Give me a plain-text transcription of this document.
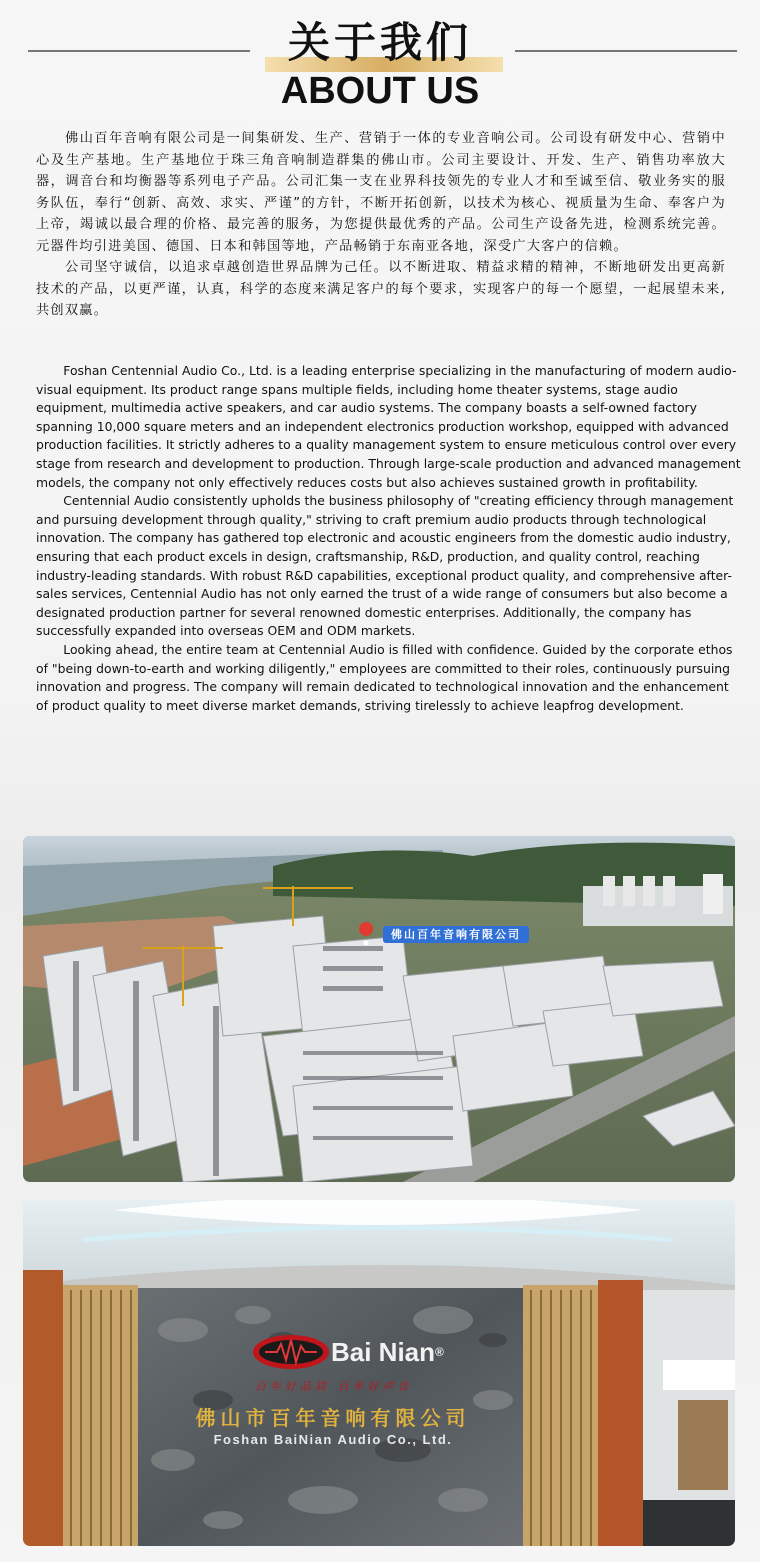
关于我们
ABOUT US

佛山百年音响有限公司是一间集研发、生产、营销于一体的专业音响公司。公司设有研发中心、营销中心及生产基地。生产基地位于珠三角音响制造群集的佛山市。公司主要设计、开发、生产、销售功率放大器，调音台和均衡器等系列电子产品。公司汇集一支在业界科技领先的专业人才和至诚至信、敬业务实的服务队伍，奉行“创新、高效、求实、严谨”的方针，不断开拓创新，以技术为核心、视质量为生命、奉客户为上帝，竭诚以最合理的价格、最完善的服务，为您提供最优秀的产品。公司生产设备先进，检测系统完善。元器件均引进美国、德国、日本和韩国等地，产品畅销于东南亚各地，深受广大客户的信赖。

公司坚守诚信，以追求卓越创造世界品牌为己任。以不断进取、精益求精的精神，不断地研发出更高新技术的产品，以更严谨，认真，科学的态度来满足客户的每个要求，实现客户的每一个愿望，一起展望未来,共创双赢。

Foshan Centennial Audio Co., Ltd. is a leading enterprise specializing in the manufacturing of modern audio-visual equipment. Its product range spans multiple fields, including home theater systems, stage audio equipment, multimedia active speakers, and car audio systems. The company boasts a self-owned factory spanning 10,000 square meters and an independent electronics production workshop, equipped with advanced production facilities. It strictly adheres to a quality management system to ensure meticulous control over every stage from research and development to production. Through large-scale production and advanced management models, the company not only effectively reduces costs but also achieves sustained growth in profitability.

Centennial Audio consistently upholds the business philosophy of "creating efficiency through management and pursuing development through quality," striving to craft premium audio products through technological innovation. The company has gathered top electronic and acoustic engineers from the domestic audio industry, ensuring that each product excels in design, craftsmanship, R&D, production, and quality control, reaching industry-leading standards. With robust R&D capabilities, exceptional product quality, and comprehensive after-sales services, Centennial Audio has not only earned the trust of a wide range of consumers but also become a designated production partner for several renowned domestic enterprises. Additionally, the company has successfully expanded into overseas OEM and ODM markets.

Looking ahead, the entire team at Centennial Audio is filled with confidence. Guided by the corporate ethos of "being down-to-earth and working diligently," employees are committed to their roles, continuously pursuing innovation and progress. The company will remain dedicated to technological innovation and the enhancement of product quality to meet diverse market demands, striving tirelessly to achieve leapfrog development.

佛山百年音响有限公司
Bai Nian®
百年好品质 百年好声音
佛山市百年音响有限公司
Foshan BaiNian Audio Co., Ltd.
